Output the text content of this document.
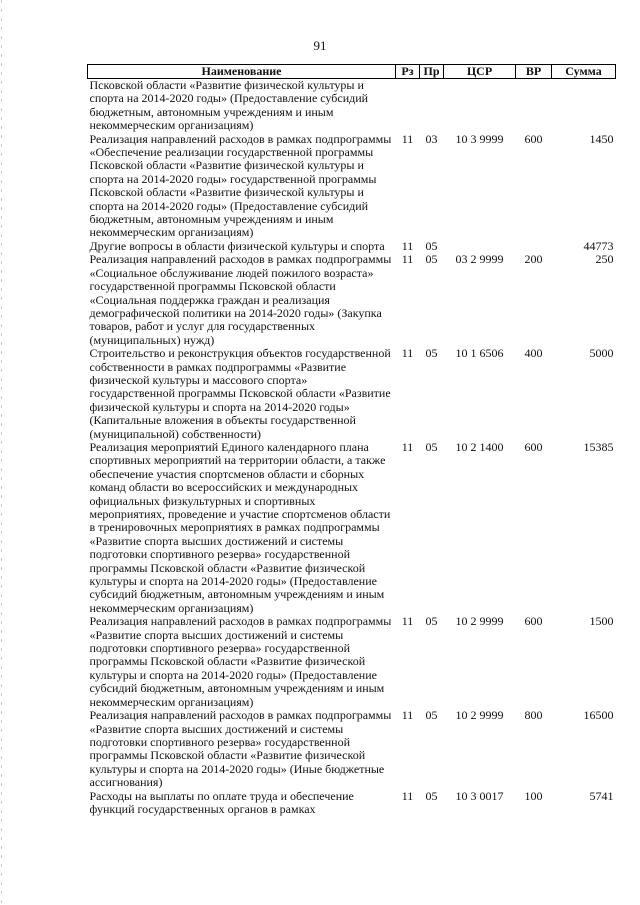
91
Наименование	Рз	Пр	ЦСР	ВР	Сумма
Псковской области «Развитие физической культуры и спорта на 2014-2020 годы» (Предоставление субсидий бюджетным, автономным учреждениям и иным некоммерческим организациям)					
Реализация направлений расходов в рамках подпрограммы «Обеспечение реализации государственной программы Псковской области «Развитие физической культуры и спорта на 2014-2020 годы» государственной программы Псковской области «Развитие физической культуры и спорта на 2014-2020 годы» (Предоставление субсидий бюджетным, автономным учреждениям и иным некоммерческим организациям)	11	03	10 3 9999	600	1450
Другие вопросы в области физической культуры и спорта	11	05			44773
Реализация направлений расходов в рамках подпрограммы «Социальное обслуживание людей пожилого возраста» государственной программы Псковской области «Социальная поддержка граждан и реализация демографической политики на 2014-2020 годы» (Закупка товаров, работ и услуг для государственных (муниципальных) нужд)	11	05	03 2 9999	200	250
Строительство и реконструкция объектов государственной собственности в рамках подпрограммы «Развитие физической культуры и массового спорта» государственной программы Псковской области «Развитие физической культуры и спорта на 2014-2020 годы» (Капитальные вложения в объекты государственной (муниципальной) собственности)	11	05	10 1 6506	400	5000
Реализация мероприятий Единого календарного плана спортивных мероприятий на территории области, а также обеспечение участия спортсменов области и сборных команд области во всероссийских и международных официальных физкультурных и спортивных мероприятиях, проведение и участие спортсменов области в тренировочных мероприятиях в рамках подпрограммы «Развитие спорта высших достижений и системы подготовки спортивного резерва» государственной программы Псковской области «Развитие физической культуры и спорта на 2014-2020 годы» (Предоставление субсидий бюджетным, автономным учреждениям и иным некоммерческим организациям)	11	05	10 2 1400	600	15385
Реализация направлений расходов в рамках подпрограммы «Развитие спорта высших достижений и системы подготовки спортивного резерва» государственной программы Псковской области «Развитие физической культуры и спорта на 2014-2020 годы» (Предоставление субсидий бюджетным, автономным учреждениям и иным некоммерческим организациям)	11	05	10 2 9999	600	1500
Реализация направлений расходов в рамках подпрограммы «Развитие спорта высших достижений и системы подготовки спортивного резерва» государственной программы Псковской области «Развитие физической культуры и спорта на 2014-2020 годы» (Иные бюджетные ассигнования)	11	05	10 2 9999	800	16500
Расходы на выплаты по оплате труда и обеспечение функций государственных органов в рамках	11	05	10 3 0017	100	5741
